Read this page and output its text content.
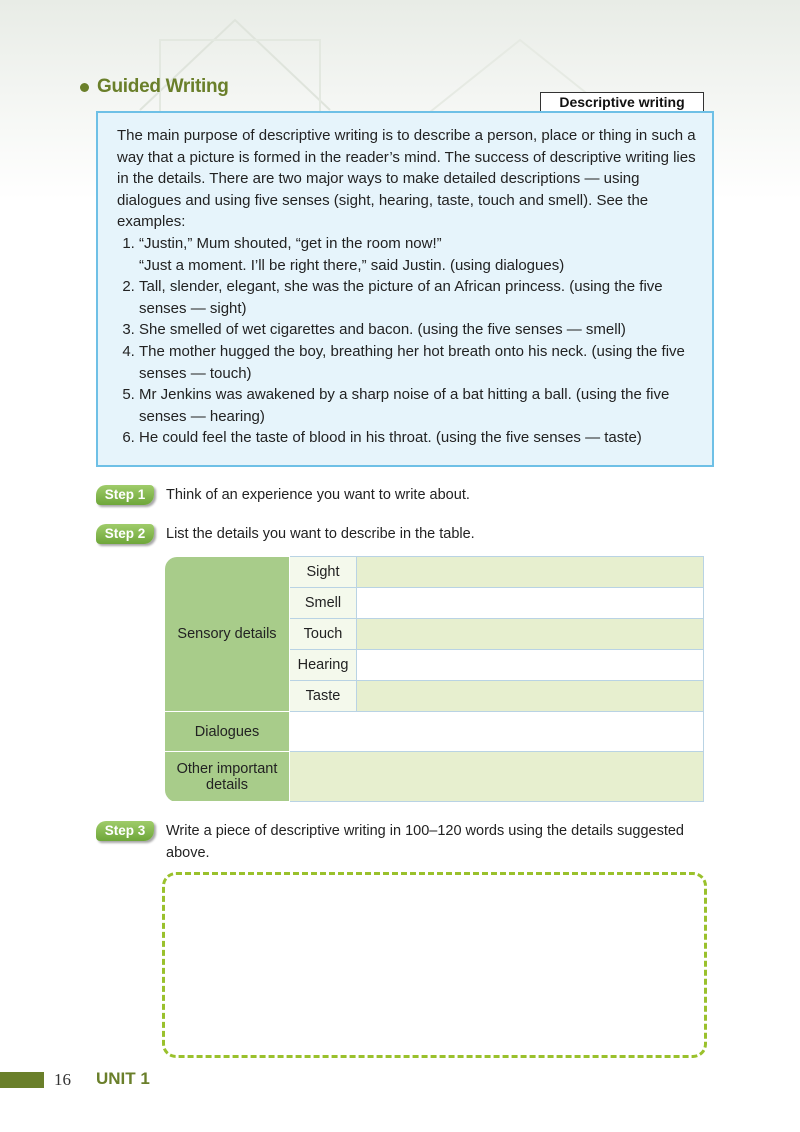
Guided Writing
Descriptive writing

The main purpose of descriptive writing is to describe a person, place or thing in such a way that a picture is formed in the reader’s mind. The success of descriptive writing lies in the details. There are two major ways to make detailed descriptions — using dialogues and using five senses (sight, hearing, taste, touch and smell). See the examples:

1. “Justin,” Mum shouted, “get in the room now!”
“Just a moment. I’ll be right there,” said Justin. (using dialogues)
2. Tall, slender, elegant, she was the picture of an African princess. (using the five senses — sight)
3. She smelled of wet cigarettes and bacon. (using the five senses — smell)
4. The mother hugged the boy, breathing her hot breath onto his neck. (using the five senses — touch)
5. Mr Jenkins was awakened by a sharp noise of a bat hitting a ball. (using the five senses — hearing)
6. He could feel the taste of blood in his throat. (using the five senses — taste)
Step 1	Think of an experience you want to write about.
Step 2	List the details you want to describe in the table.
Sensory details	Sight	
	Smell	
	Touch	
	Hearing	
	Taste	
Dialogues		
Other important details		
Step 3	Write a piece of descriptive writing in 100–120 words using the details suggested above.
16 UNIT 1
